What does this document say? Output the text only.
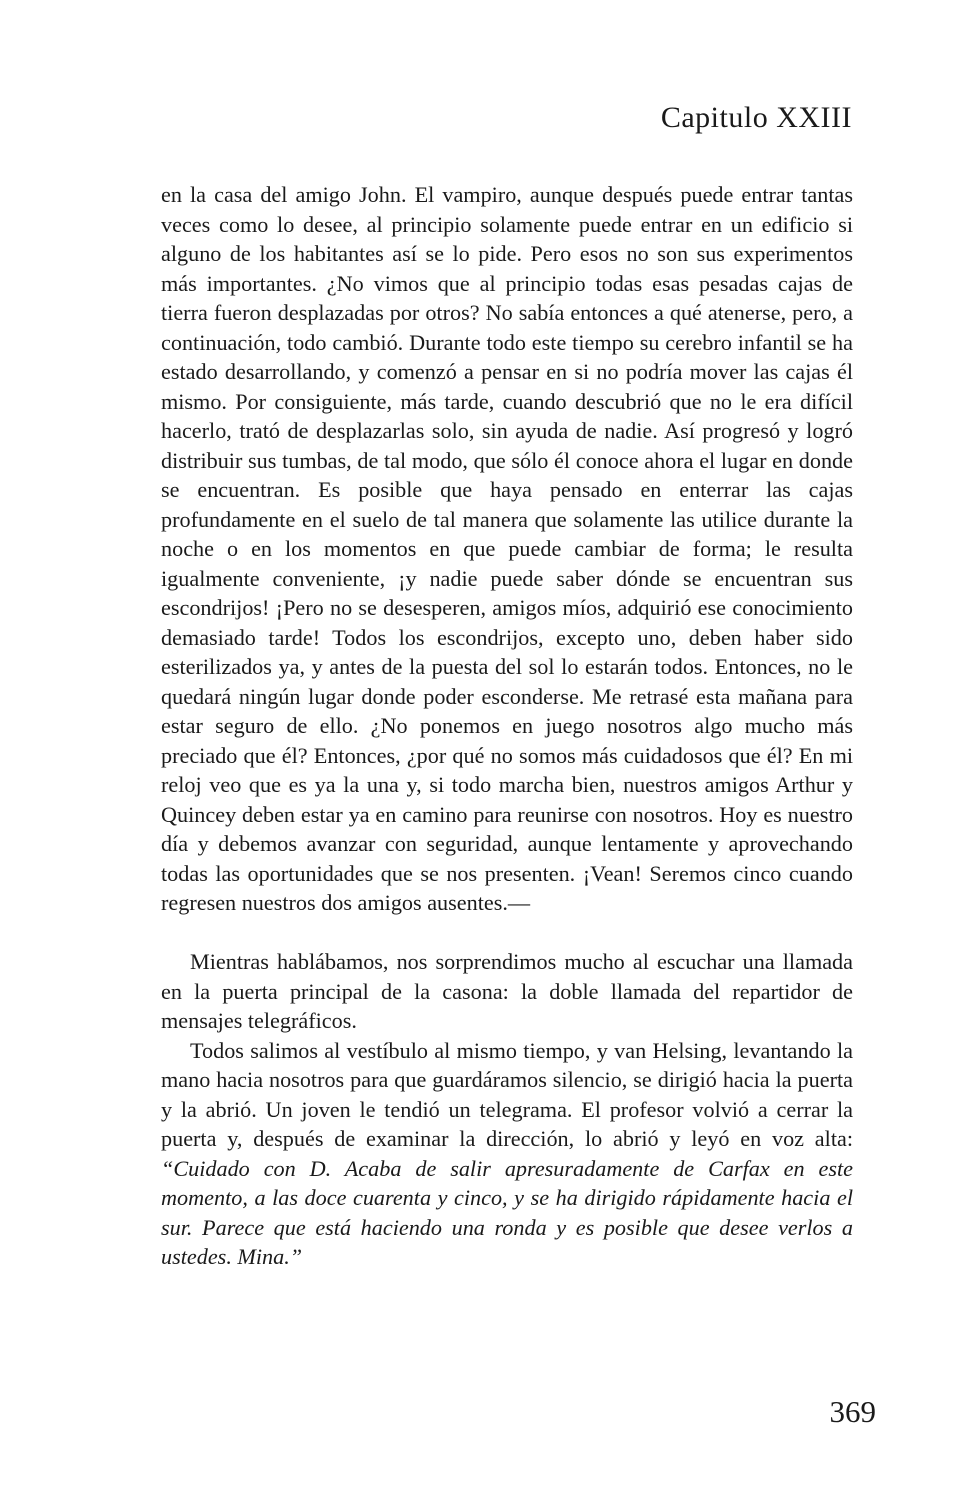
Capitulo XXIII

en la casa del amigo John. El vampiro, aunque después puede entrar tantas veces como lo desee, al principio solamente puede entrar en un edificio si alguno de los habitantes así se lo pide. Pero esos no son sus experimentos más importantes. ¿No vimos que al principio todas esas pesadas cajas de tierra fueron desplazadas por otros? No sabía entonces a qué atenerse, pero, a continuación, todo cambió. Durante todo este tiempo su cerebro infantil se ha estado desarrollando, y comenzó a pensar en si no podría mover las cajas él mismo. Por consiguiente, más tarde, cuando descubrió que no le era difícil hacerlo, trató de desplazarlas solo, sin ayuda de nadie. Así progresó y logró distribuir sus tumbas, de tal modo, que sólo él conoce ahora el lugar en donde se encuentran. Es posible que haya pensado en enterrar las cajas profundamente en el suelo de tal manera que solamente las utilice durante la noche o en los momentos en que puede cambiar de forma; le resulta igualmente conveniente, ¡y nadie puede saber dónde se encuentran sus escondrijos! ¡Pero no se desesperen, amigos míos, adquirió ese conocimiento demasiado tarde! Todos los escondrijos, excepto uno, deben haber sido esterilizados ya, y antes de la puesta del sol lo estarán todos. Entonces, no le quedará ningún lugar donde poder esconderse. Me retrasé esta mañana para estar seguro de ello. ¿No ponemos en juego nosotros algo mucho más preciado que él? Entonces, ¿por qué no somos más cuidadosos que él? En mi reloj veo que es ya la una y, si todo marcha bien, nuestros amigos Arthur y Quincey deben estar ya en camino para reunirse con nosotros. Hoy es nuestro día y debemos avanzar con seguridad, aunque lentamente y aprovechando todas las oportunidades que se nos presenten. ¡Vean! Seremos cinco cuando regresen nuestros dos amigos ausentes.—

Mientras hablábamos, nos sorprendimos mucho al escuchar una llamada en la puerta principal de la casona: la doble llamada del repartidor de mensajes telegráficos.

Todos salimos al vestíbulo al mismo tiempo, y van Helsing, levantando la mano hacia nosotros para que guardáramos silencio, se dirigió hacia la puerta y la abrió. Un joven le tendió un telegrama. El profesor volvió a cerrar la puerta y, después de examinar la dirección, lo abrió y leyó en voz alta: “Cuidado con D. Acaba de salir apresuradamente de Carfax en este momento, a las doce cuarenta y cinco, y se ha dirigido rápidamente hacia el sur. Parece que está haciendo una ronda y es posible que desee verlos a ustedes. Mina.”

369
